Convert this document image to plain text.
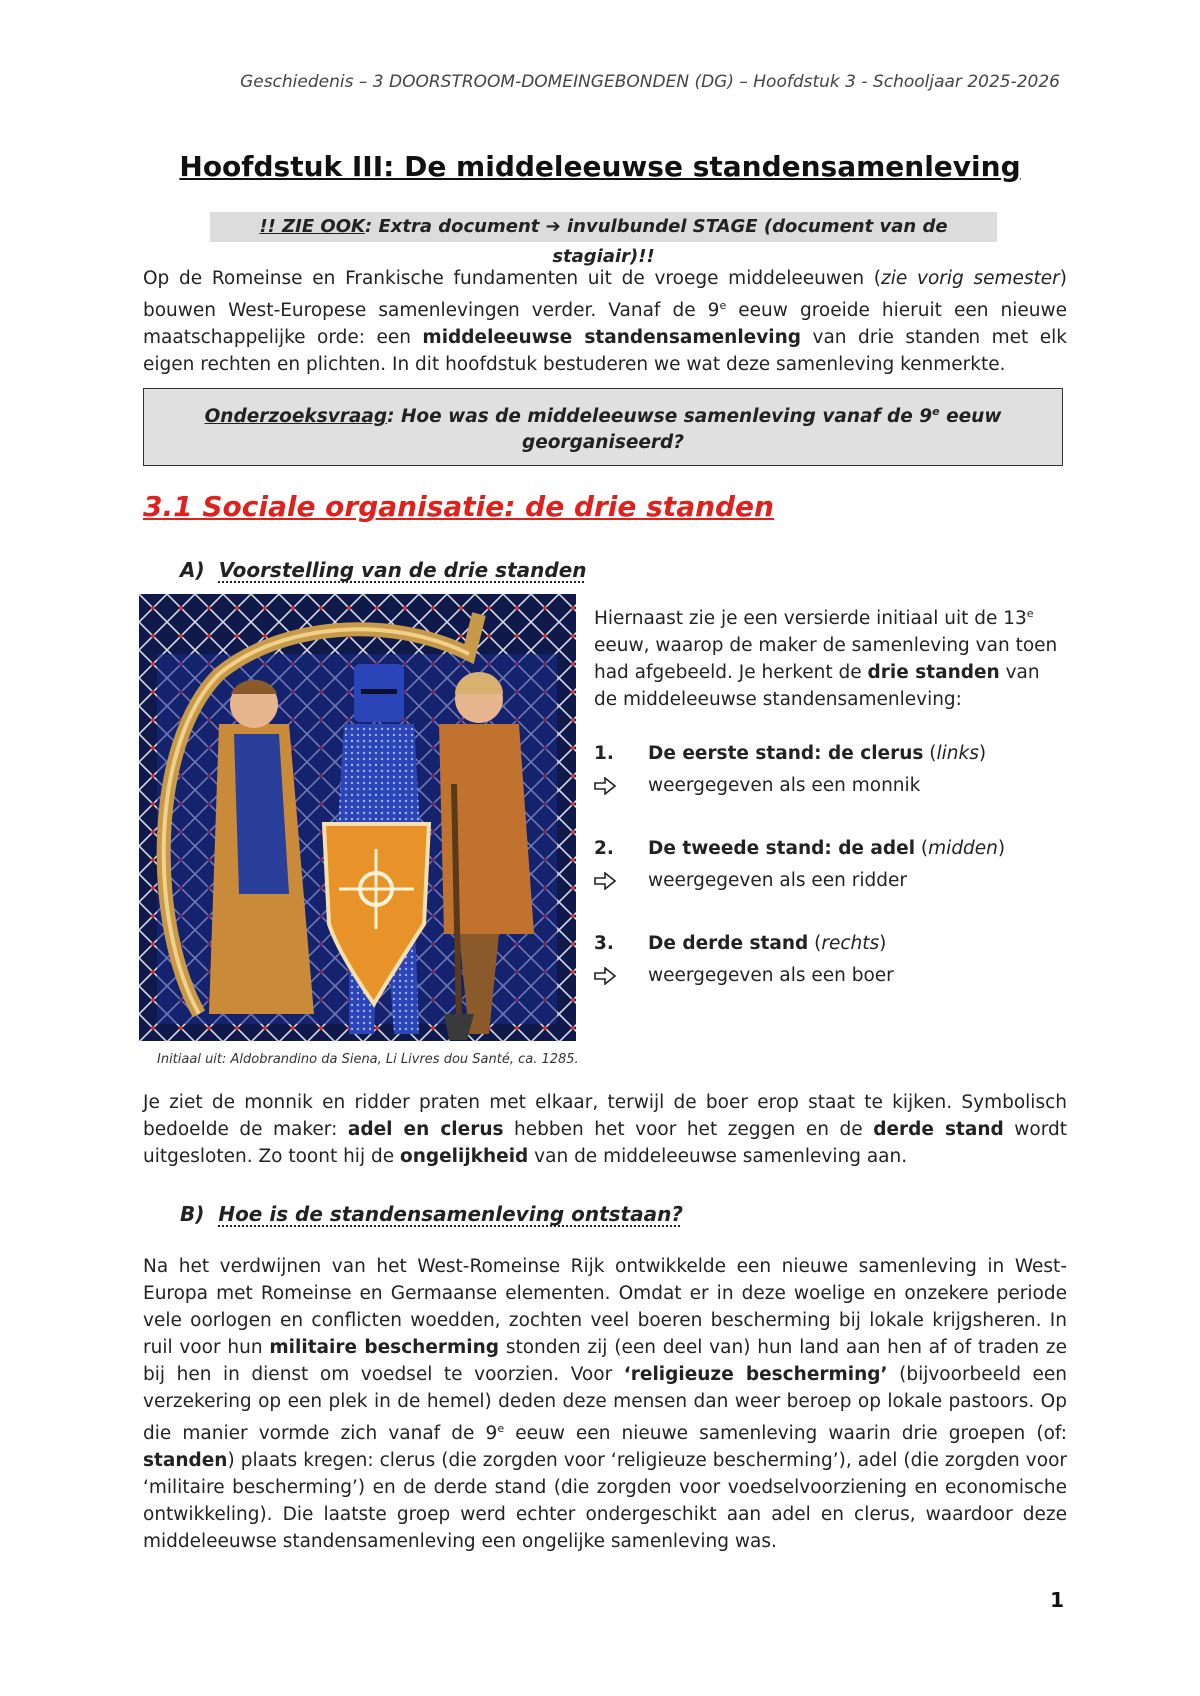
Geschiedenis – 3 DOORSTROOM-DOMEINGEBONDEN (DG) – Hoofdstuk 3 - Schooljaar 2025-2026
Hoofdstuk III: De middeleeuwse standensamenleving
!! ZIE OOK: Extra document ➔ invulbundel STAGE (document van de stagiair)!!
Op de Romeinse en Frankische fundamenten uit de vroege middeleeuwen (zie vorig semester) bouwen West-Europese samenlevingen verder. Vanaf de 9e eeuw groeide hieruit een nieuwe maatschappelijke orde: een middeleeuwse standensamenleving van drie standen met elk eigen rechten en plichten. In dit hoofdstuk bestuderen we wat deze samenleving kenmerkte.
Onderzoeksvraag: Hoe was de middeleeuwse samenleving vanaf de 9e eeuw
georganiseerd?
3.1 Sociale organisatie: de drie standen
A) Voorstelling van de drie standen
Initiaal uit: Aldobrandino da Siena, Li Livres dou Santé, ca. 1285.
Hiernaast zie je een versierde initiaal uit de 13e eeuw, waarop de maker de samenleving van toen had afgebeeld. Je herkent de drie standen van de middeleeuwse standensamenleving:
1. De eerste stand: de clerus (links)
weergegeven als een monnik
2. De tweede stand: de adel (midden)
weergegeven als een ridder
3. De derde stand (rechts)
weergegeven als een boer
Je ziet de monnik en ridder praten met elkaar, terwijl de boer erop staat te kijken. Symbolisch bedoelde de maker: adel en clerus hebben het voor het zeggen en de derde stand wordt uitgesloten. Zo toont hij de ongelijkheid van de middeleeuwse samenleving aan.
B) Hoe is de standensamenleving ontstaan?
Na het verdwijnen van het West-Romeinse Rijk ontwikkelde een nieuwe samenleving in West-Europa met Romeinse en Germaanse elementen. Omdat er in deze woelige en onzekere periode vele oorlogen en conflicten woedden, zochten veel boeren bescherming bij lokale krijgsheren. In ruil voor hun militaire bescherming stonden zij (een deel van) hun land aan hen af of traden ze bij hen in dienst om voedsel te voorzien. Voor ‘religieuze bescherming’ (bijvoorbeeld een verzekering op een plek in de hemel) deden deze mensen dan weer beroep op lokale pastoors. Op die manier vormde zich vanaf de 9e eeuw een nieuwe samenleving waarin drie groepen (of: standen) plaats kregen: clerus (die zorgden voor ‘religieuze bescherming’), adel (die zorgden voor ‘militaire bescherming’) en de derde stand (die zorgden voor voedselvoorziening en economische ontwikkeling). Die laatste groep werd echter ondergeschikt aan adel en clerus, waardoor deze middeleeuwse standensamenleving een ongelijke samenleving was.
1
